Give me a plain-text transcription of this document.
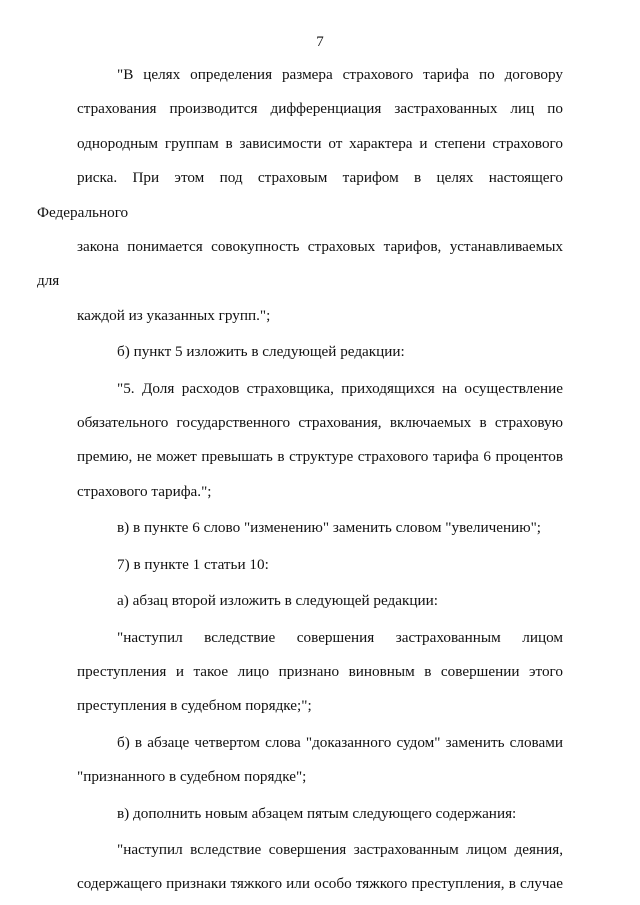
7
"В целях определения размера страхового тарифа по договору
страхования производится дифференциация застрахованных лиц по
однородным группам в зависимости от характера и степени страхового
риска. При этом под страховым тарифом в целях настоящего Федерального
закона понимается совокупность страховых тарифов, устанавливаемых для
каждой из указанных групп.";
б) пункт 5 изложить в следующей редакции:
"5. Доля расходов страховщика, приходящихся на осуществление
обязательного государственного страхования, включаемых в страховую
премию, не может превышать в структуре страхового тарифа 6 процентов
страхового тарифа.";
в) в пункте 6 слово "изменению" заменить словом "увеличению";
7) в пункте 1 статьи 10:
а) абзац второй изложить в следующей редакции:
"наступил вследствие совершения застрахованным лицом
преступления и такое лицо признано виновным в совершении этого
преступления в судебном порядке;";
б) в абзаце четвертом слова "доказанного судом" заменить словами
"признанного в судебном порядке";
в) дополнить новым абзацем пятым следующего содержания:
"наступил вследствие совершения застрахованным лицом деяния,
содержащего признаки тяжкого или особо тяжкого преступления, в случае
